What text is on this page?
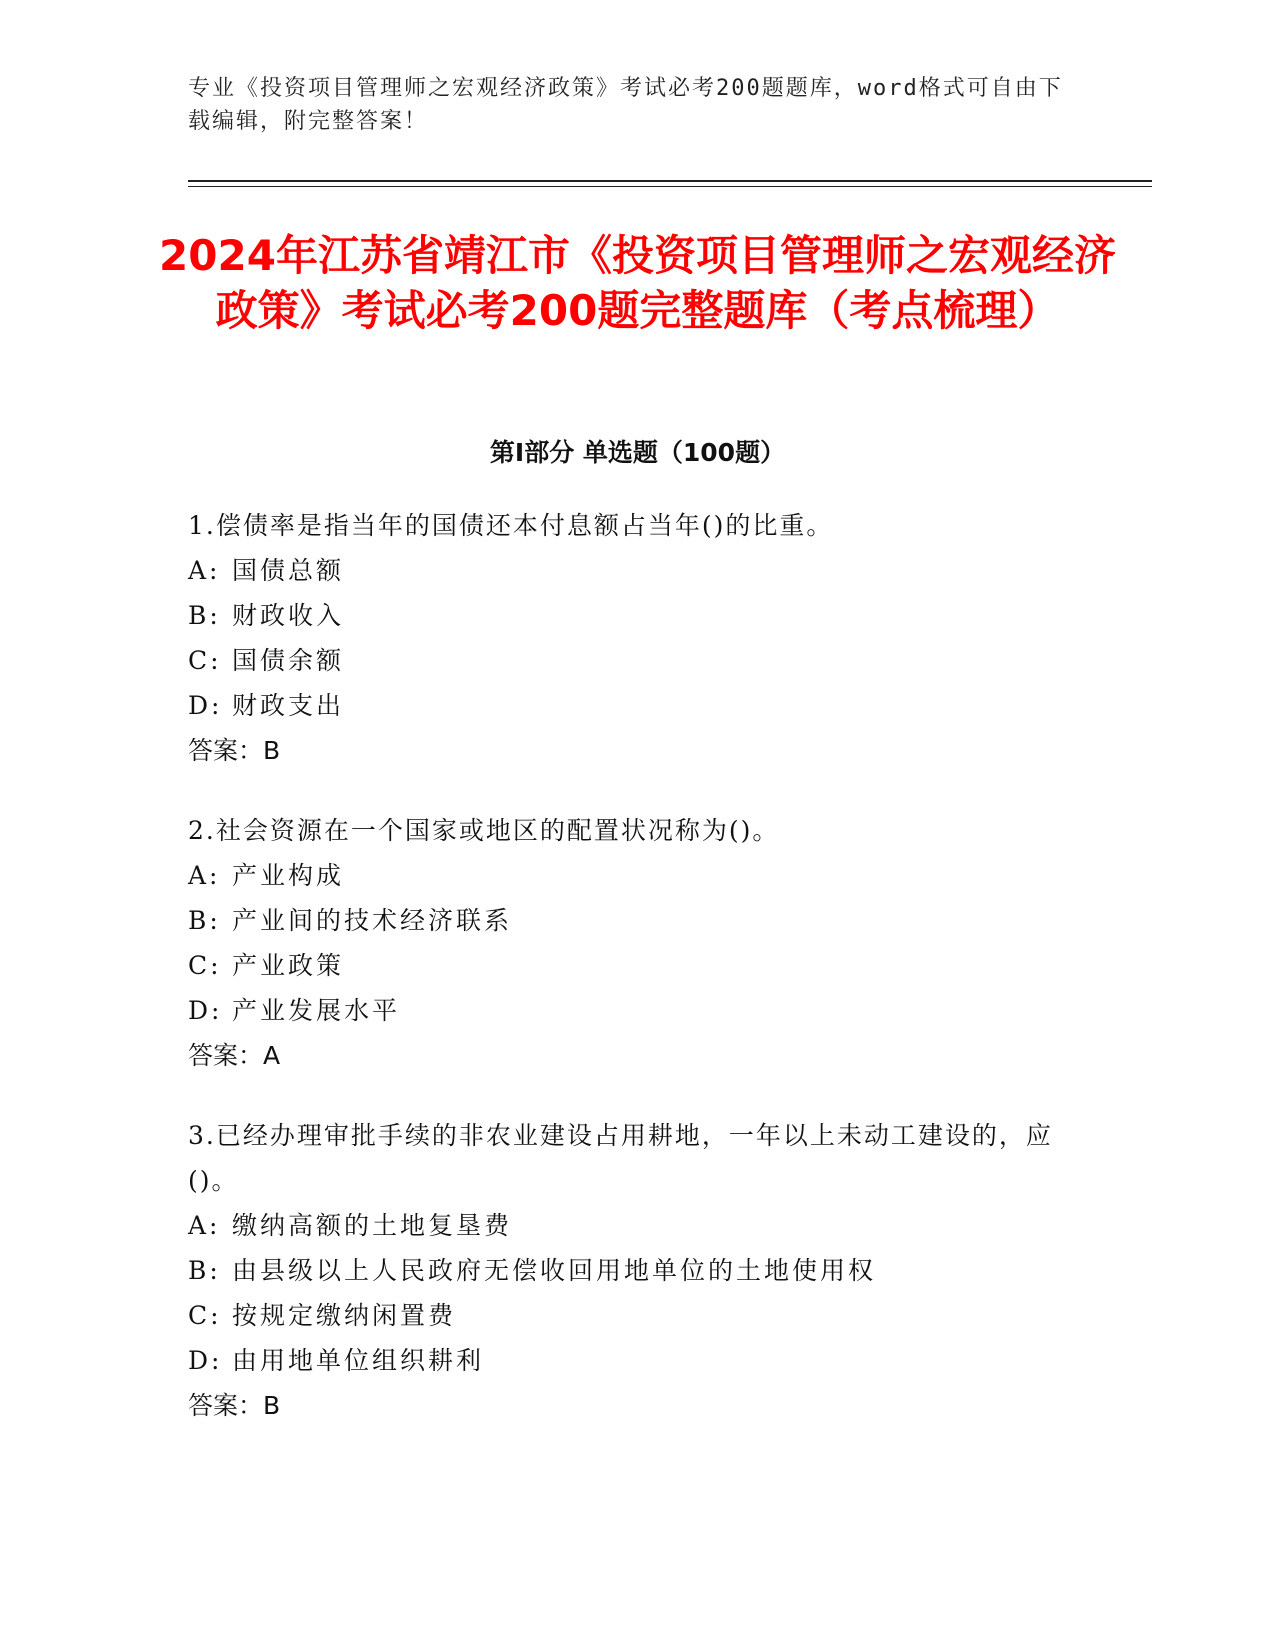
专业《投资项目管理师之宏观经济政策》考试必考200题题库，word格式可自由下载编辑，附完整答案！
2024年江苏省靖江市《投资项目管理师之宏观经济政策》考试必考200题完整题库（考点梳理）
第I部分 单选题（100题）

1.偿债率是指当年的国债还本付息额占当年()的比重。

A: 国债总额

B: 财政收入

C: 国债余额

D: 财政支出

答案：B

2.社会资源在一个国家或地区的配置状况称为()。

A: 产业构成

B: 产业间的技术经济联系

C: 产业政策

D: 产业发展水平

答案：A

3.已经办理审批手续的非农业建设占用耕地，一年以上未动工建设的，应()。

A: 缴纳高额的土地复垦费

B: 由县级以上人民政府无偿收回用地单位的土地使用权

C: 按规定缴纳闲置费

D: 由用地单位组织耕利

答案：B
